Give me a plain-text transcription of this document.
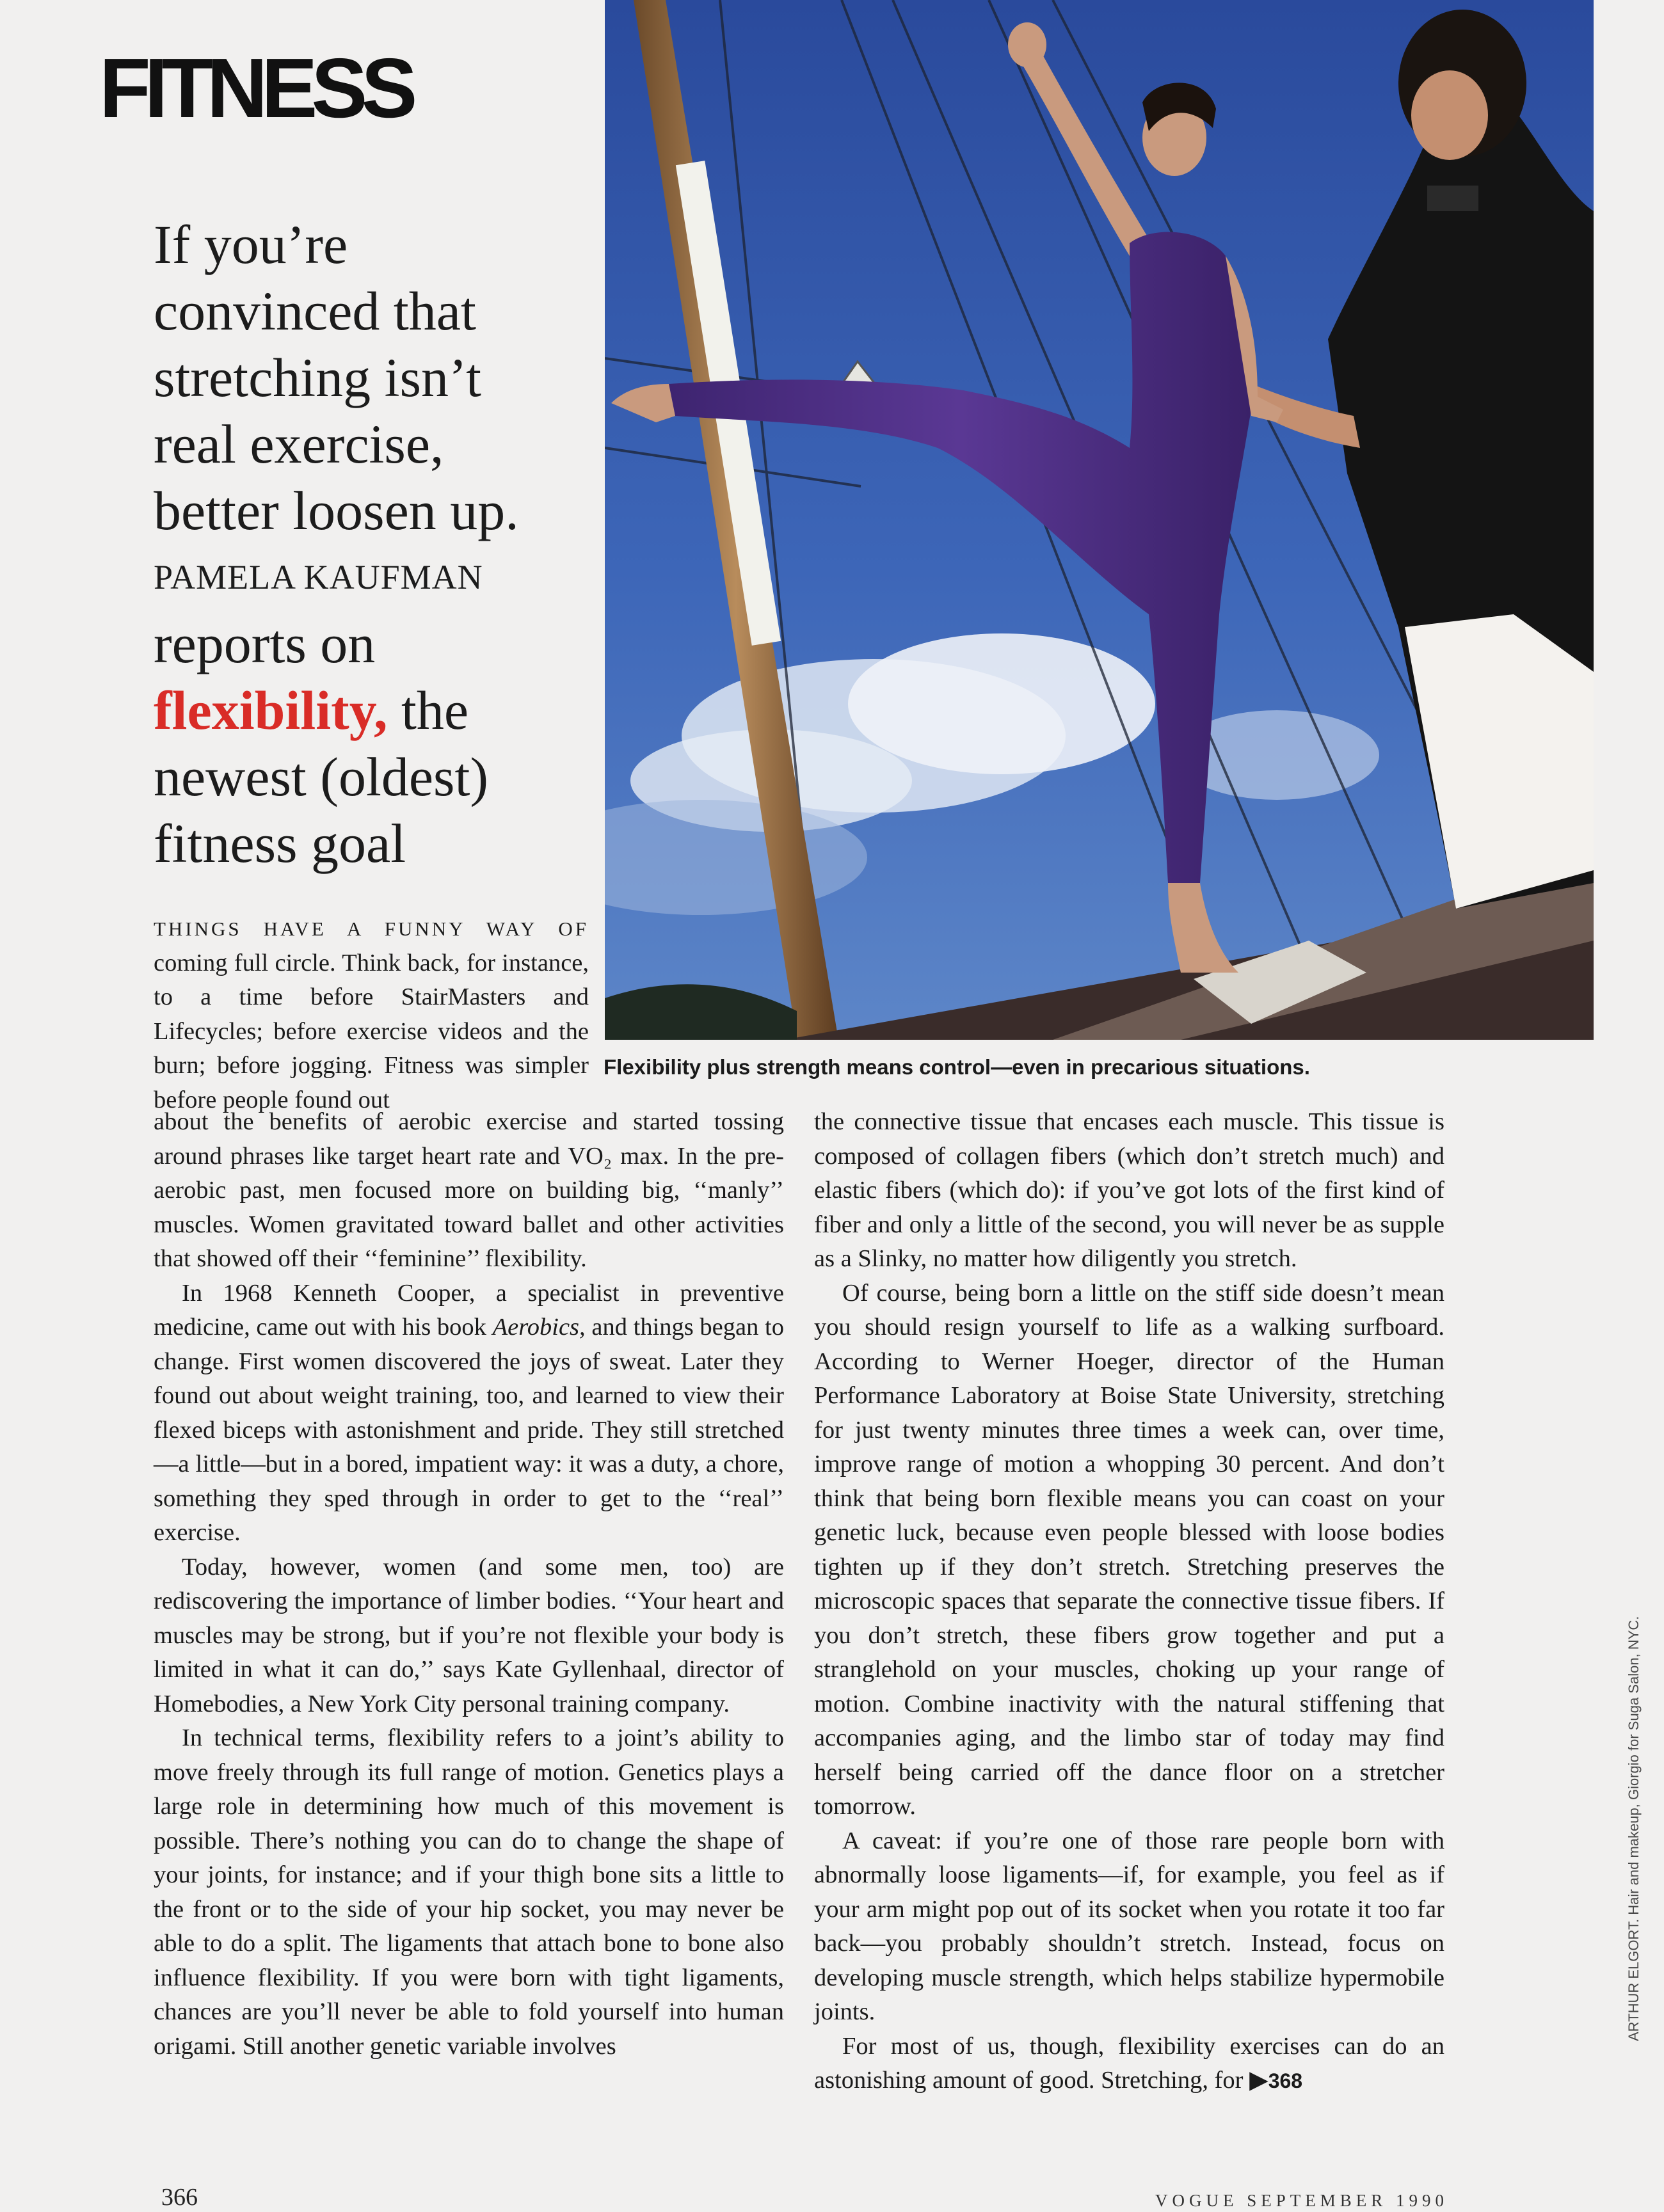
FITNESS
If you’re
convinced that
stretching isn’t
real exercise,
better loosen up.
PAMELA KAUFMAN
reports on
flexibility, the
newest (oldest)
fitness goal
Flexibility plus strength means control—even in precarious situations.

THINGS HAVE A FUNNY WAY OF coming full circle. Think back, for instance, to a time before StairMasters and Lifecycles; before exercise videos and the burn; before jogging. Fitness was simpler before people found out

about the benefits of aerobic exercise and started tossing around phrases like target heart rate and VO₂ max. In the pre-aerobic past, men focused more on building big, ‘‘manly’’ muscles. Women gravitated toward ballet and other activities that showed off their ‘‘feminine’’ flexibility.

In 1968 Kenneth Cooper, a specialist in preventive medicine, came out with his book Aerobics, and things began to change. First women discovered the joys of sweat. Later they found out about weight training, too, and learned to view their flexed biceps with astonishment and pride. They still stretched—a little—but in a bored, impatient way: it was a duty, a chore, something they sped through in order to get to the ‘‘real’’ exercise.

Today, however, women (and some men, too) are rediscovering the importance of limber bodies. ‘‘Your heart and muscles may be strong, but if you’re not flexible your body is limited in what it can do,’’ says Kate Gyllenhaal, director of Homebodies, a New York City personal training company.

In technical terms, flexibility refers to a joint’s ability to move freely through its full range of motion. Genetics plays a large role in determining how much of this movement is possible. There’s nothing you can do to change the shape of your joints, for instance; and if your thigh bone sits a little to the front or to the side of your hip socket, you may never be able to do a split. The ligaments that attach bone to bone also influence flexibility. If you were born with tight ligaments, chances are you’ll never be able to fold yourself into human origami. Still another genetic variable involves

the connective tissue that encases each muscle. This tissue is composed of collagen fibers (which don’t stretch much) and elastic fibers (which do): if you’ve got lots of the first kind of fiber and only a little of the second, you will never be as supple as a Slinky, no matter how diligently you stretch.

Of course, being born a little on the stiff side doesn’t mean you should resign yourself to life as a walking surfboard. According to Werner Hoeger, director of the Human Performance Laboratory at Boise State University, stretching for just twenty minutes three times a week can, over time, improve range of motion a whopping 30 percent. And don’t think that being born flexible means you can coast on your genetic luck, because even people blessed with loose bodies tighten up if they don’t stretch. Stretching preserves the microscopic spaces that separate the connective tissue fibers. If you don’t stretch, these fibers grow together and put a stranglehold on your muscles, choking up your range of motion. Combine inactivity with the natural stiffening that accompanies aging, and the limbo star of today may find herself being carried off the dance floor on a stretcher tomorrow.

A caveat: if you’re one of those rare people born with abnormally loose ligaments—if, for example, you feel as if your arm might pop out of its socket when you rotate it too far back—you probably shouldn’t stretch. Instead, focus on developing muscle strength, which helps stabilize hypermobile joints.

For most of us, though, flexibility exercises can do an astonishing amount of good. Stretching, for ▶368

366	VOGUE SEPTEMBER 1990
ARTHUR ELGORT. Hair and makeup, Giorgio for Suga Salon, NYC.
